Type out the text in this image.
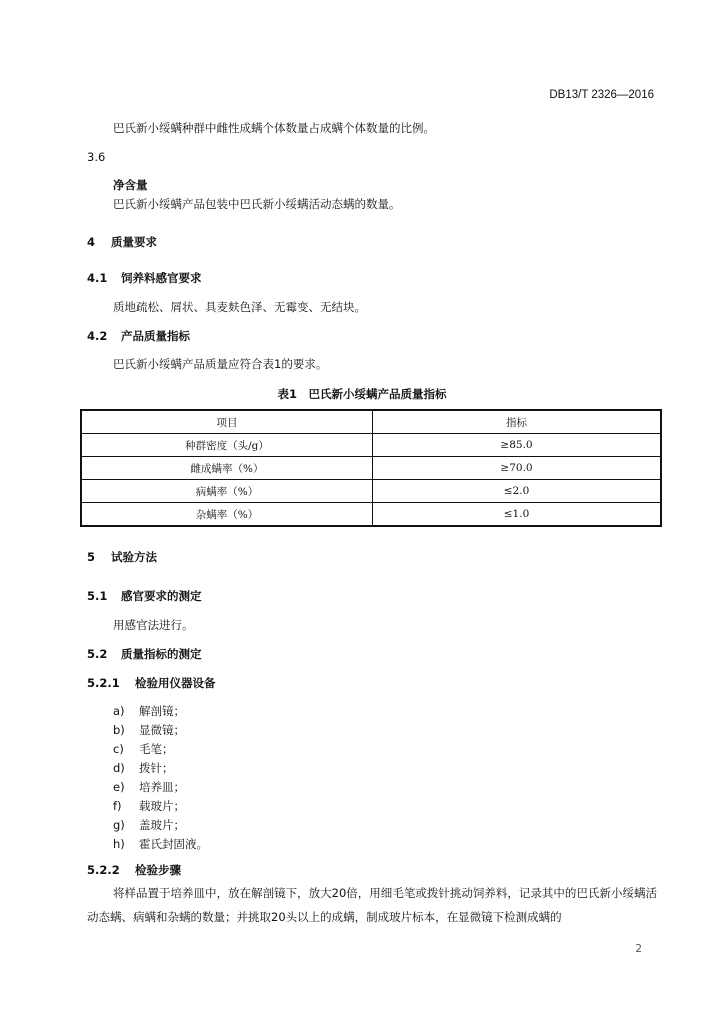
DB13/T 2326—2016
巴氏新小绥螨种群中雌性成螨个体数量占成螨个体数量的比例。
3.6
净含量
巴氏新小绥螨产品包装中巴氏新小绥螨活动态螨的数量。
4 质量要求
4.1 饲养料感官要求
质地疏松、屑状、具麦麸色泽、无霉变、无结块。
4.2 产品质量指标
巴氏新小绥螨产品质量应符合表1的要求。
表1　巴氏新小绥螨产品质量指标
项目	指标
种群密度（头/g）	≥85.0
雌成螨率（%）	≥70.0
病螨率（%）	≤2.0
杂螨率（%）	≤1.0
5 试验方法
5.1 感官要求的测定
用感官法进行。
5.2 质量指标的测定
5.2.1 检验用仪器设备
a) 解剖镜；
b) 显微镜；
c) 毛笔；
d) 拨针；
e) 培养皿；
f) 载玻片；
g) 盖玻片；
h) 霍氏封固液。
5.2.2 检验步骤
将样品置于培养皿中，放在解剖镜下，放大20倍，用细毛笔或拨针挑动饲养料，记录其中的巴氏新小绥螨活动态螨、病螨和杂螨的数量；并挑取20头以上的成螨，制成玻片标本，在显微镜下检测成螨的
2
